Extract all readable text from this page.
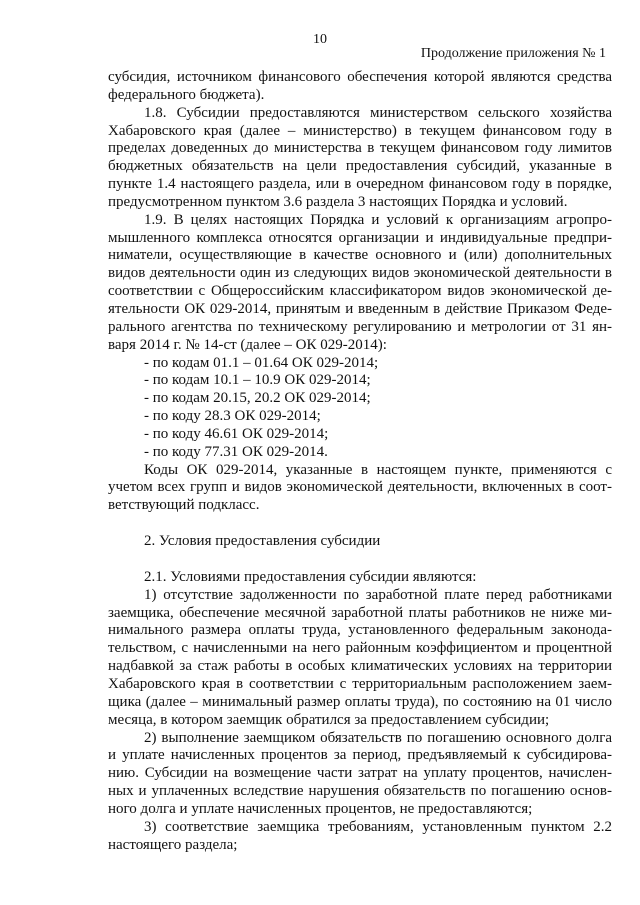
10
Продолжение приложения № 1
субсидия, источником финансового обеспечения которой являются средства
федерального бюджета).
1.8. Субсидии предоставляются министерством сельского хозяйства
Хабаровского края (далее – министерство) в текущем финансовом году в
пределах доведенных до министерства в текущем финансовом году лимитов
бюджетных обязательств на цели предоставления субсидий, указанные в
пункте 1.4 настоящего раздела, или в очередном финансовом году в порядке,
предусмотренном пунктом 3.6 раздела 3 настоящих Порядка и условий.
1.9. В целях настоящих Порядка и условий к организациям агропро-
мышленного комплекса относятся организации и индивидуальные предпри-
ниматели, осуществляющие в качестве основного и (или) дополнительных
видов деятельности один из следующих видов экономической деятельности в
соответствии с Общероссийским классификатором видов экономической де-
ятельности ОК 029-2014, принятым и введенным в действие Приказом Феде-
рального агентства по техническому регулированию и метрологии от 31 ян-
варя 2014 г. № 14-ст (далее – ОК 029-2014):
- по кодам 01.1 – 01.64 ОК 029-2014;
- по кодам 10.1 – 10.9 ОК 029-2014;
- по кодам 20.15, 20.2 ОК 029-2014;
- по коду 28.3 ОК 029-2014;
- по коду 46.61 ОК 029-2014;
- по коду 77.31 ОК 029-2014.
Коды ОК 029-2014, указанные в настоящем пункте, применяются с
учетом всех групп и видов экономической деятельности, включенных в соот-
ветствующий подкласс.
2. Условия предоставления субсидии
2.1. Условиями предоставления субсидии являются:
1) отсутствие задолженности по заработной плате перед работниками
заемщика, обеспечение месячной заработной платы работников не ниже ми-
нимального размера оплаты труда, установленного федеральным законода-
тельством, с начисленными на него районным коэффициентом и процентной
надбавкой за стаж работы в особых климатических условиях на территории
Хабаровского края в соответствии с территориальным расположением заем-
щика (далее – минимальный размер оплаты труда), по состоянию на 01 число
месяца, в котором заемщик обратился за предоставлением субсидии;
2) выполнение заемщиком обязательств по погашению основного долга
и уплате начисленных процентов за период, предъявляемый к субсидирова-
нию. Субсидии на возмещение части затрат на уплату процентов, начислен-
ных и уплаченных вследствие нарушения обязательств по погашению основ-
ного долга и уплате начисленных процентов, не предоставляются;
3) соответствие заемщика требованиям, установленным пунктом 2.2
настоящего раздела;
